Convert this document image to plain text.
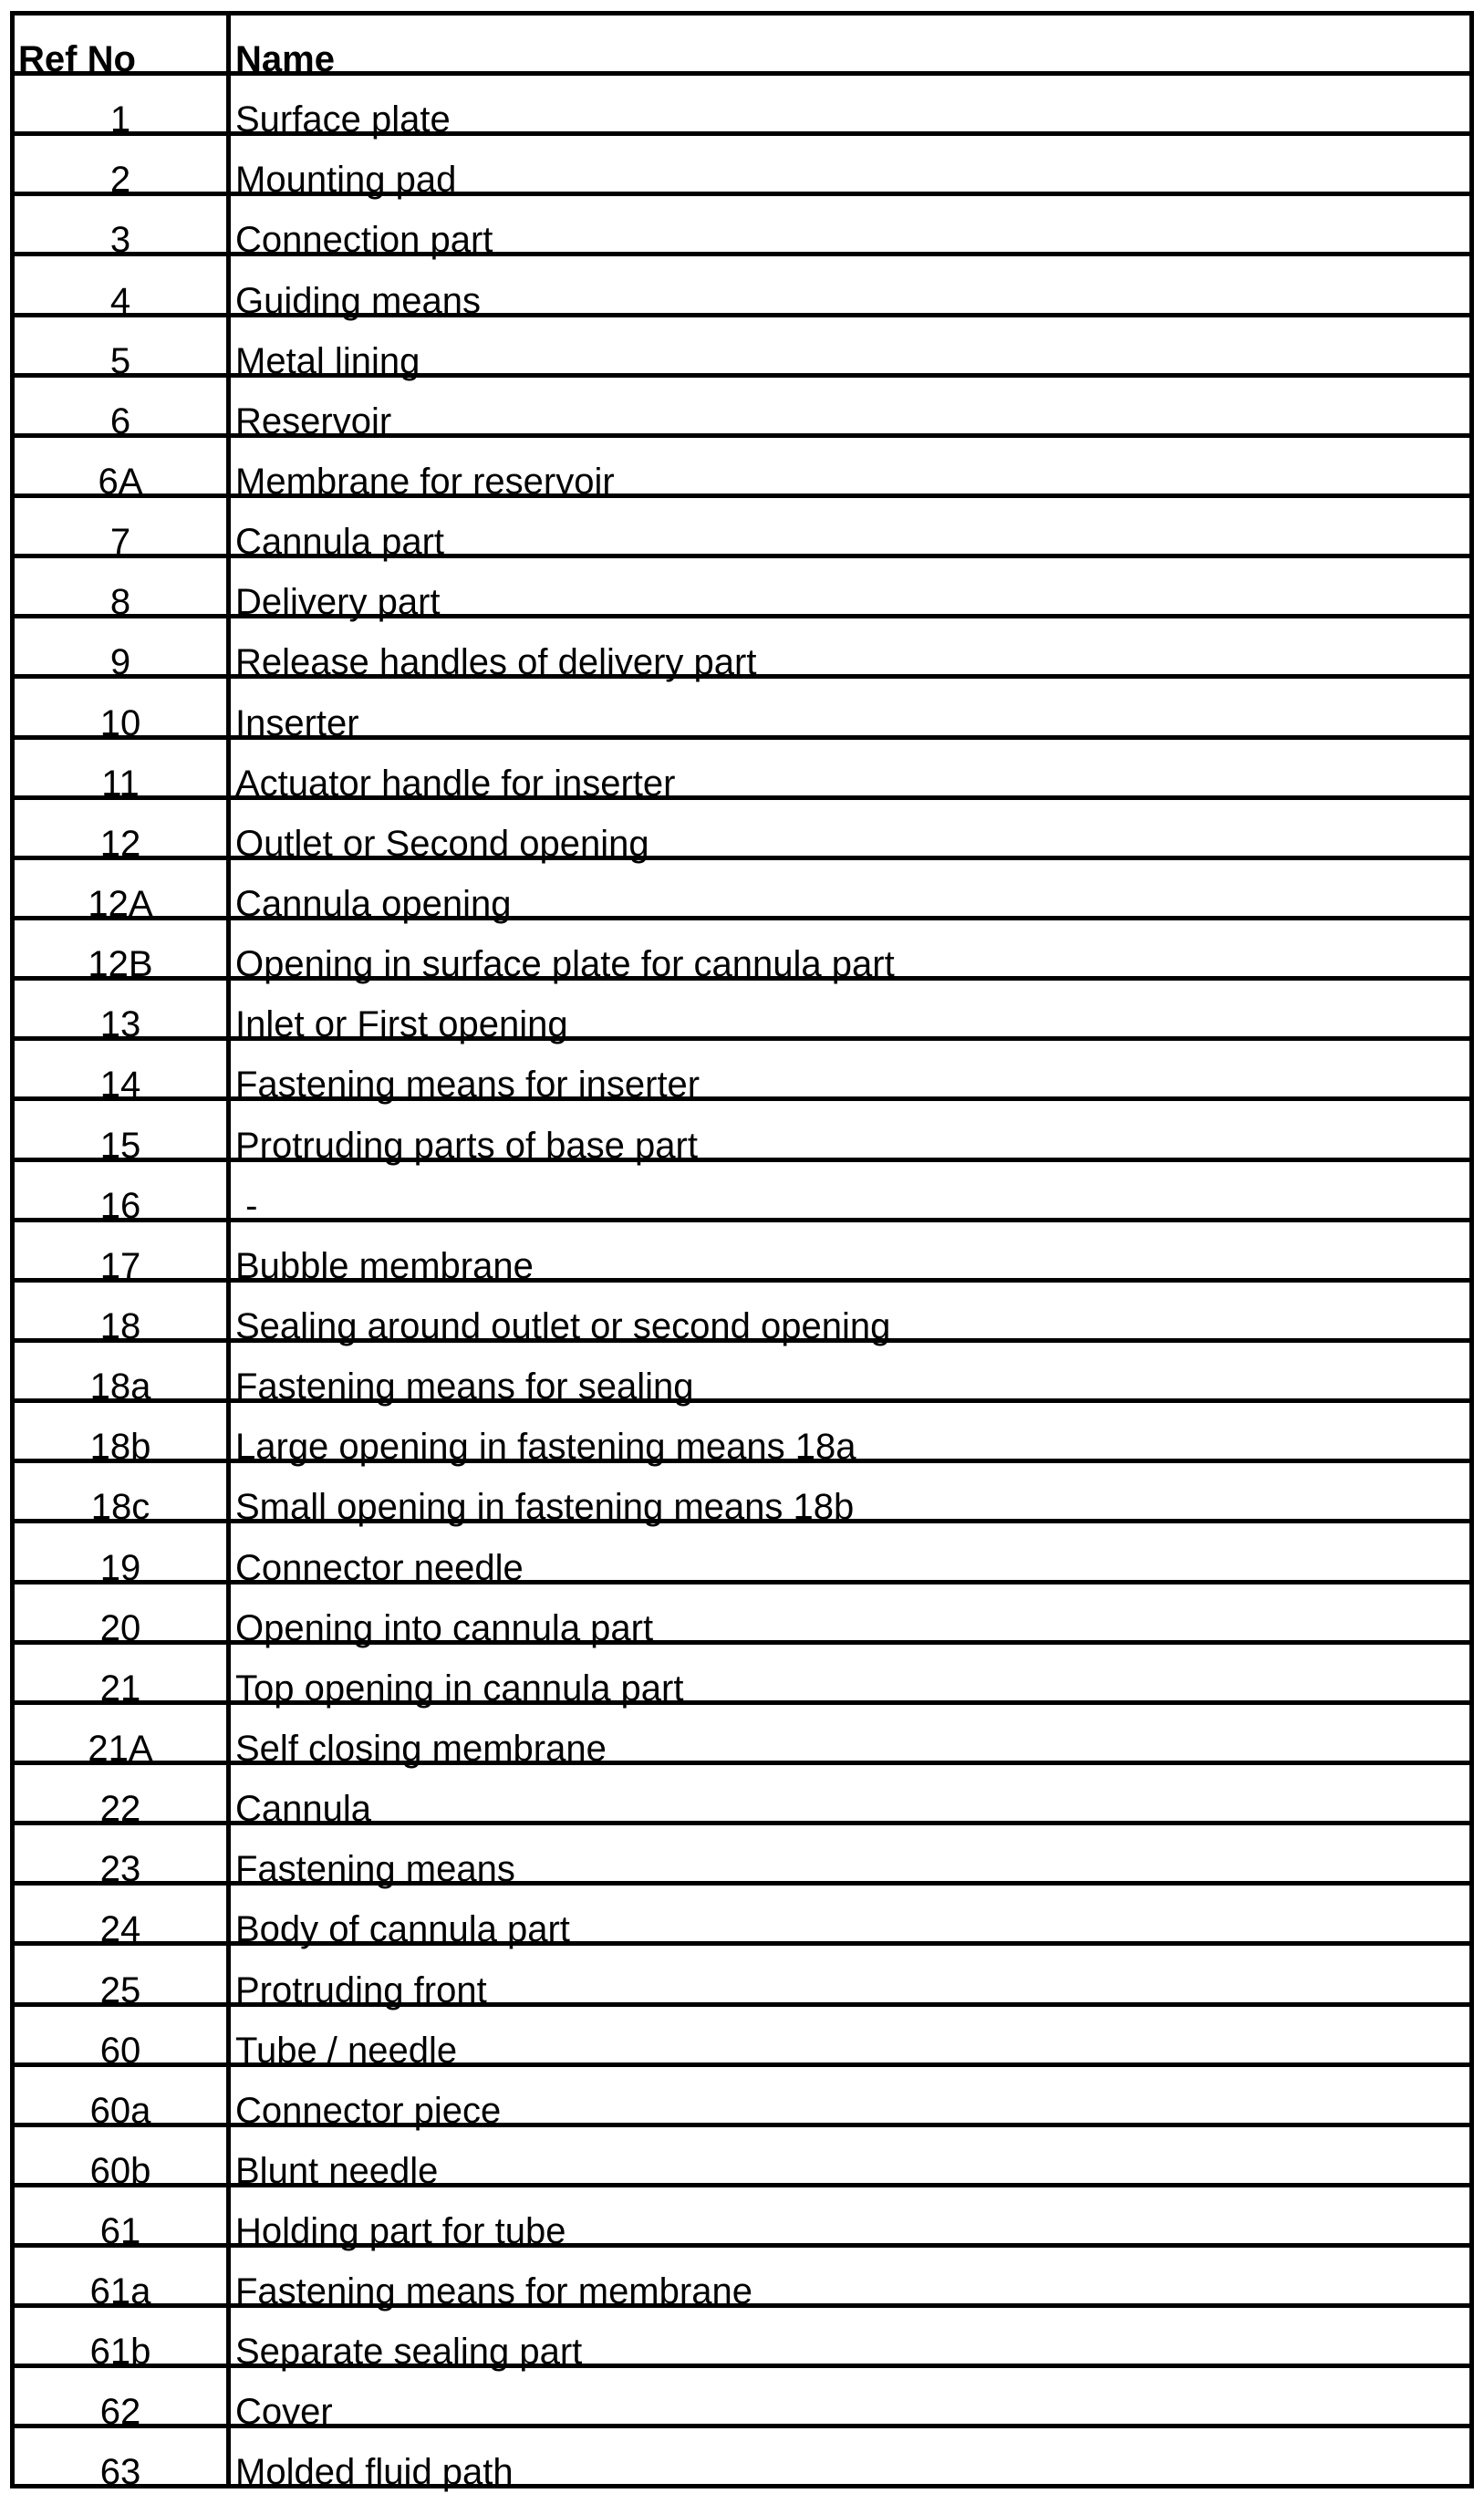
Ref No	Name
1	Surface plate
2	Mounting pad
3	Connection part
4	Guiding means
5	Metal lining
6	Reservoir
6A	Membrane for reservoir
7	Cannula part
8	Delivery part
9	Release handles of delivery part
10	Inserter
11	Actuator handle for inserter
12	Outlet or Second opening
12A Cannula opening
12B Opening in surface plate for cannula part
13	Inlet or First opening
14	Fastening means for inserter
15	Protruding parts of base part
16	-
17	Bubble membrane
18	Sealing around outlet or second opening
18a Fastening means for sealing
18b Large opening in fastening means 18a
18c Small opening in fastening means 18b
19	Connector needle
20	Opening into cannula part
21	Top opening in cannula part
21A Self closing membrane
22	Cannula
23	Fastening means
24	Body of cannula part
25	Protruding front
60	Tube / needle
60a Connector piece
60b Blunt needle
61	Holding part for tube
61a Fastening means for membrane
61b Separate sealing part
62	Cover
63	Molded fluid path
